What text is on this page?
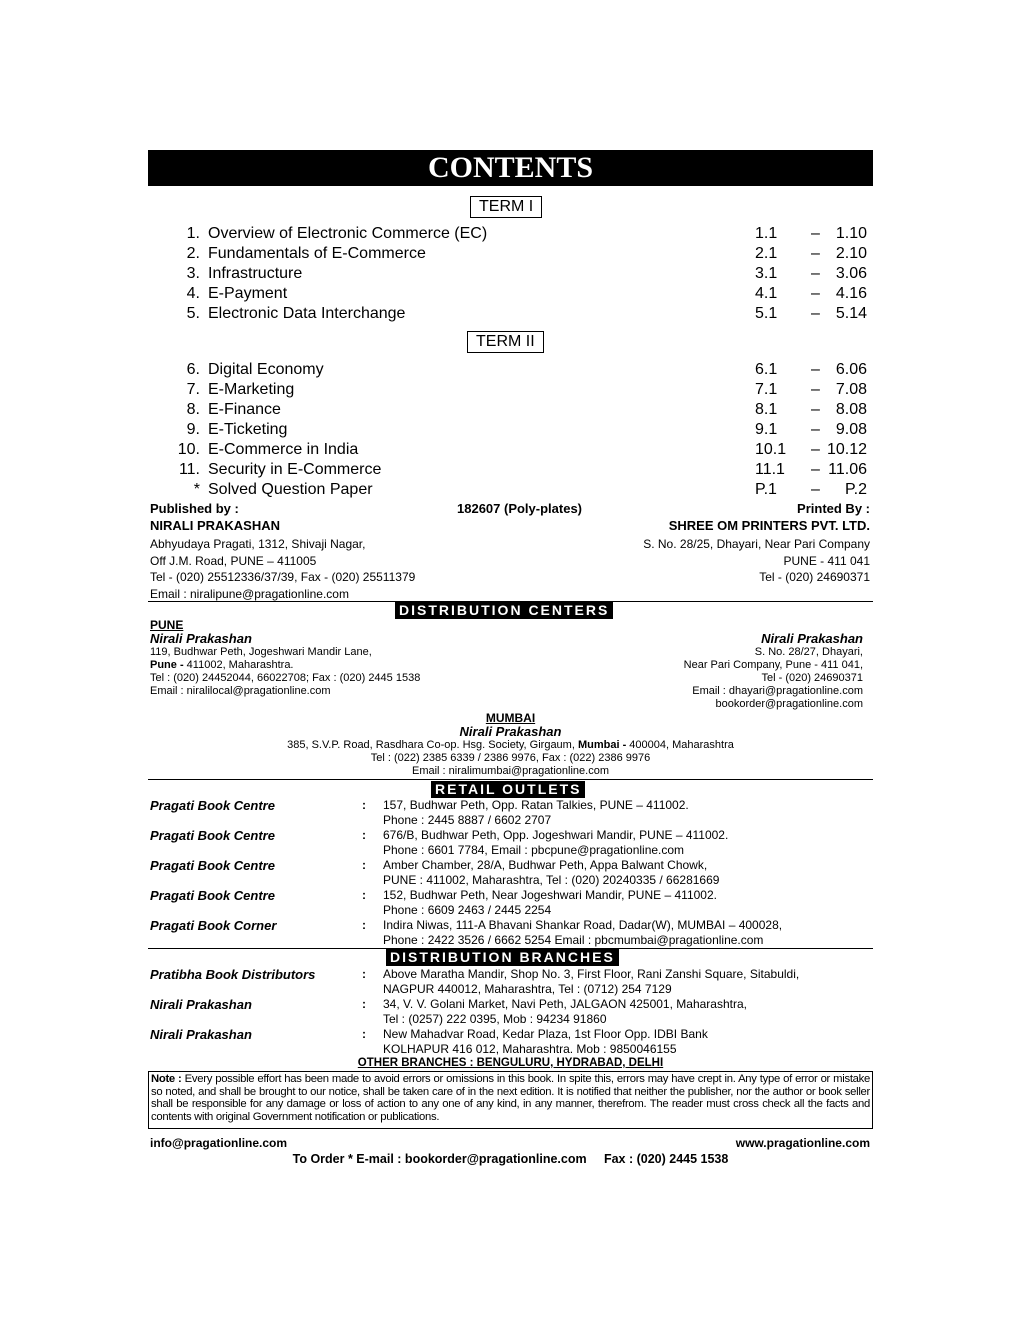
CONTENTS
TERM I
1. Overview of Electronic Commerce (EC)	1.1 – 1.10
2. Fundamentals of E-Commerce	2.1 – 2.10
3. Infrastructure	3.1 – 3.06
4. E-Payment	4.1 – 4.16
5. Electronic Data Interchange	5.1 – 5.14
TERM II
6. Digital Economy	6.1 – 6.06
7. E-Marketing	7.1 – 7.08
8. E-Finance	8.1 – 8.08
9. E-Ticketing	9.1 – 9.08
10. E-Commerce in India	10.1 – 10.12
11. Security in E-Commerce	11.1 – 11.06
* Solved Question Paper	P.1 – P.2
Published by :	182607 (Poly-plates)	Printed By :
NIRALI PRAKASHAN	SHREE OM PRINTERS PVT. LTD.
Abhyudaya Pragati, 1312, Shivaji Nagar,
Off J.M. Road, PUNE – 411005
Tel - (020) 25512336/37/39, Fax - (020) 25511379
Email : niralipune@pragationline.com
S. No. 28/25, Dhayari, Near Pari Company
PUNE - 411 041
Tel - (020) 24690371
DISTRIBUTION CENTERS
PUNE
Nirali Prakashan
119, Budhwar Peth, Jogeshwari Mandir Lane,
Pune - 411002, Maharashtra.
Tel : (020) 24452044, 66022708; Fax : (020) 2445 1538
Email : niralilocal@pragationline.com
Nirali Prakashan
S. No. 28/27, Dhayari,
Near Pari Company, Pune - 411 041,
Tel - (020) 24690371
Email : dhayari@pragationline.com
bookorder@pragationline.com
MUMBAI
Nirali Prakashan
385, S.V.P. Road, Rasdhara Co-op. Hsg. Society, Girgaum, Mumbai - 400004, Maharashtra
Tel : (022) 2385 6339 / 2386 9976, Fax : (022) 2386 9976
Email : niralimumbai@pragationline.com
RETAIL OUTLETS
Pragati Book Centre	: 157, Budhwar Peth, Opp. Ratan Talkies, PUNE – 411002.
Phone : 2445 8887 / 6602 2707
Pragati Book Centre	: 676/B, Budhwar Peth, Opp. Jogeshwari Mandir, PUNE – 411002.
Phone : 6601 7784, Email : pbcpune@pragationline.com
Pragati Book Centre	: Amber Chamber, 28/A, Budhwar Peth, Appa Balwant Chowk,
PUNE : 411002, Maharashtra, Tel : (020) 20240335 / 66281669
Pragati Book Centre	: 152, Budhwar Peth, Near Jogeshwari Mandir, PUNE – 411002.
Phone : 6609 2463 / 2445 2254
Pragati Book Corner	: Indira Niwas, 111-A Bhavani Shankar Road, Dadar(W), MUMBAI – 400028,
Phone : 2422 3526 / 6662 5254 Email : pbcmumbai@pragationline.com
DISTRIBUTION BRANCHES
Pratibha Book Distributors	: Above Maratha Mandir, Shop No. 3, First Floor, Rani Zanshi Square, Sitabuldi,
NAGPUR 440012, Maharashtra, Tel : (0712) 254 7129
Nirali Prakashan	: 34, V. V. Golani Market, Navi Peth, JALGAON 425001, Maharashtra,
Tel : (0257) 222 0395, Mob : 94234 91860
Nirali Prakashan	: New Mahadvar Road, Kedar Plaza, 1st Floor Opp. IDBI Bank
KOLHAPUR 416 012, Maharashtra. Mob : 9850046155
OTHER BRANCHES : BENGULURU, HYDRABAD, DELHI
Note : Every possible effort has been made to avoid errors or omissions in this book. In spite this, errors may have crept in. Any type of error or mistake so noted, and shall be brought to our notice, shall be taken care of in the next edition. It is notified that neither the publisher, nor the author or book seller shall be responsible for any damage or loss of action to any one of any kind, in any manner, therefrom. The reader must cross check all the facts and contents with original Government notification or publications.
info@pragationline.com	www.pragationline.com
To Order * E-mail : bookorder@pragationline.com     Fax : (020) 2445 1538
